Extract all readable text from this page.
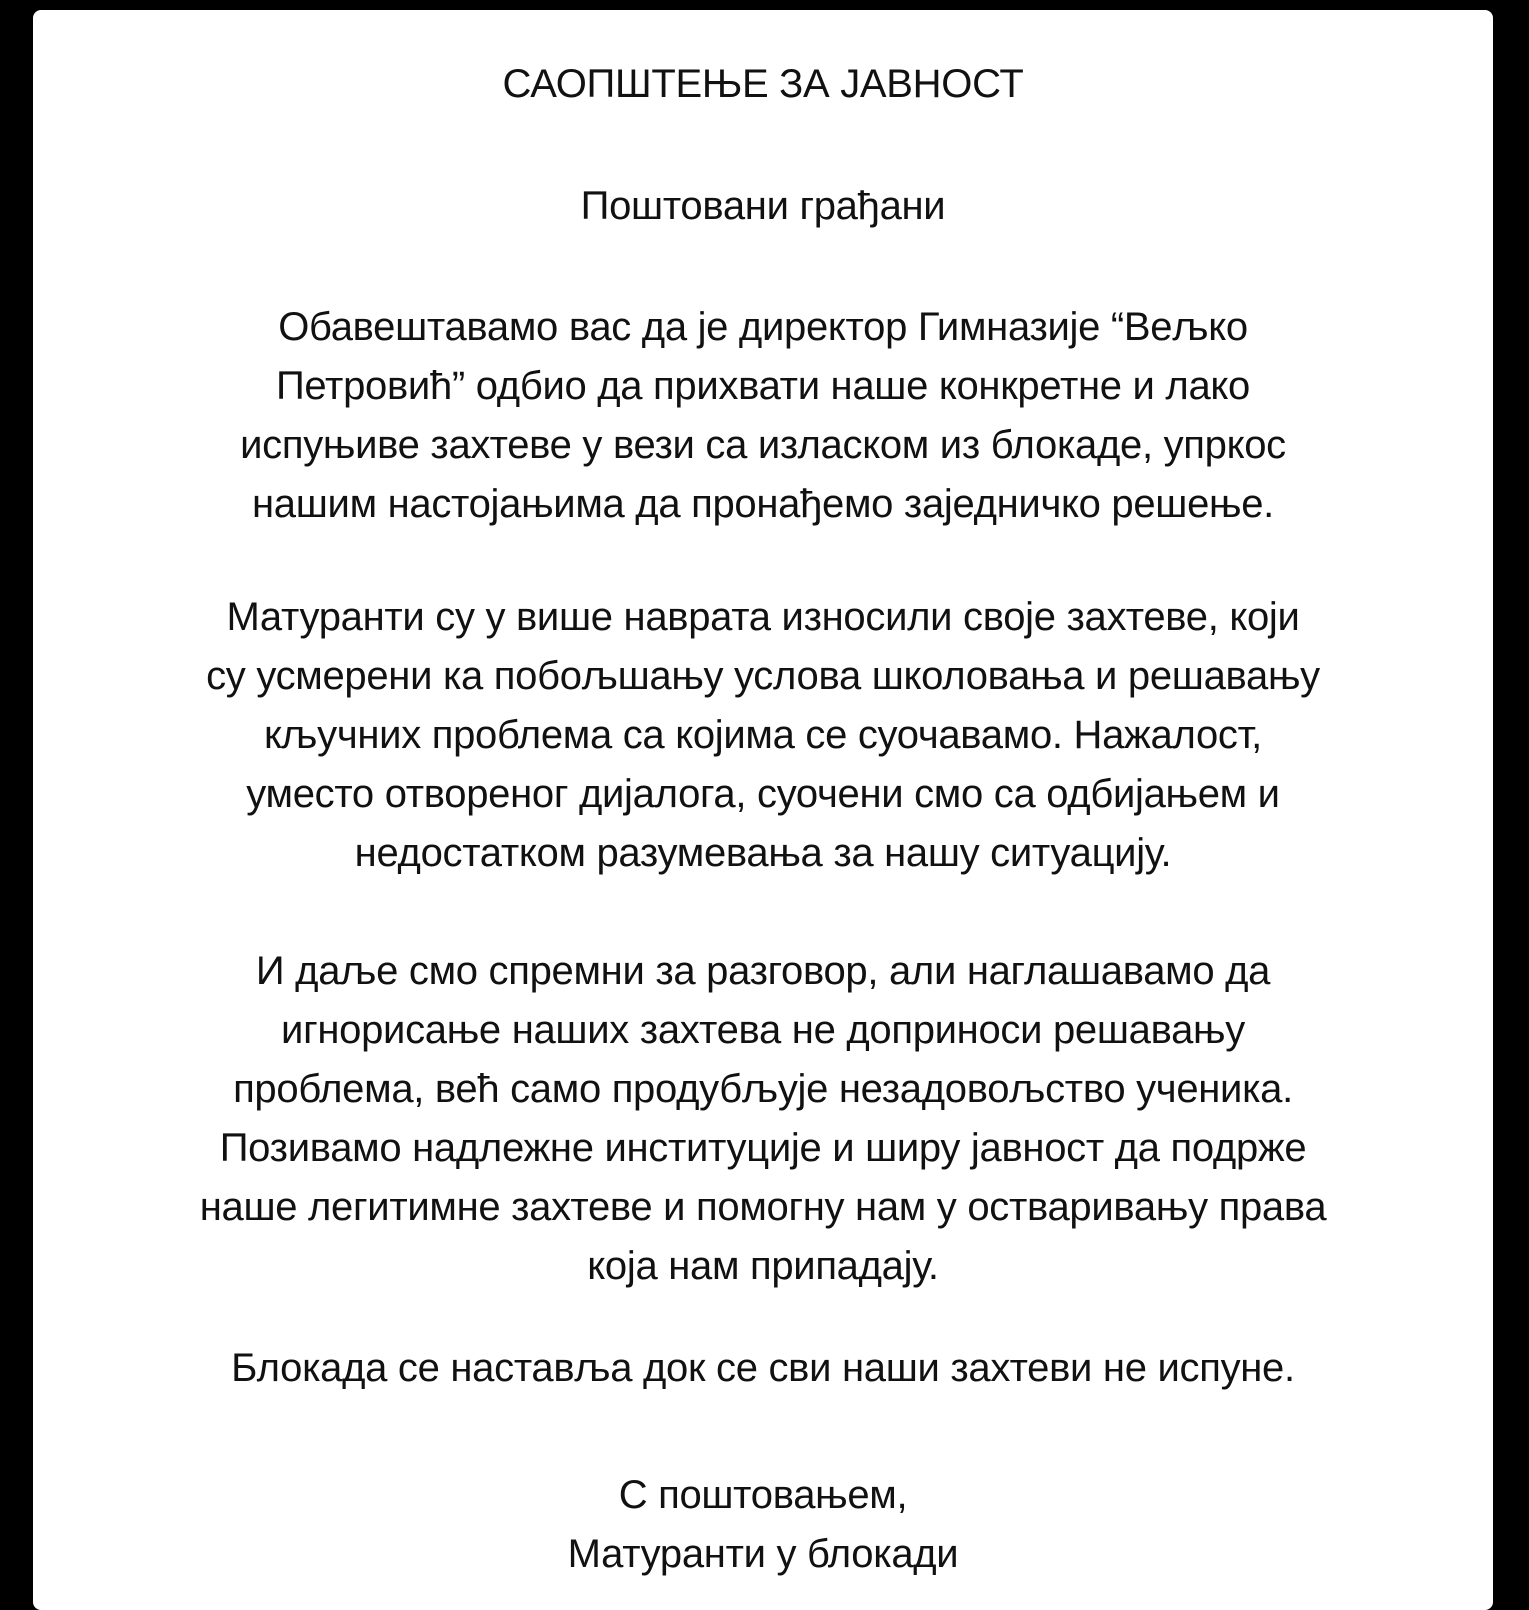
САОПШТЕЊЕ ЗА ЈАВНОСТ
Поштовани грађани
Обавештавамо вас да је директор Гимназије “Вељко
Петровић” одбио да прихвати наше конкретне и лако
испуњиве захтеве у вези са изласком из блокаде, упркос
нашим настојањима да пронађемо заједничко решење.
Матуранти су у више наврата износили своје захтеве, који
су усмерени ка побољшању услова школовања и решавању
кључних проблема са којима се суочавамо. Нажалост,
уместо отвореног дијалога, суочени смо са одбијањем и
недостатком разумевања за нашу ситуацију.
И даље смо спремни за разговор, али наглашавамо да
игнорисање наших захтева не доприноси решавању
проблема, већ само продубљује незадовољство ученика.
Позивамо надлежне институције и ширу јавност да подрже
наше легитимне захтеве и помогну нам у остваривању права
која нам припадају.
Блокада се наставља док се сви наши захтеви не испуне.
С поштовањем,
Матуранти у блокади
